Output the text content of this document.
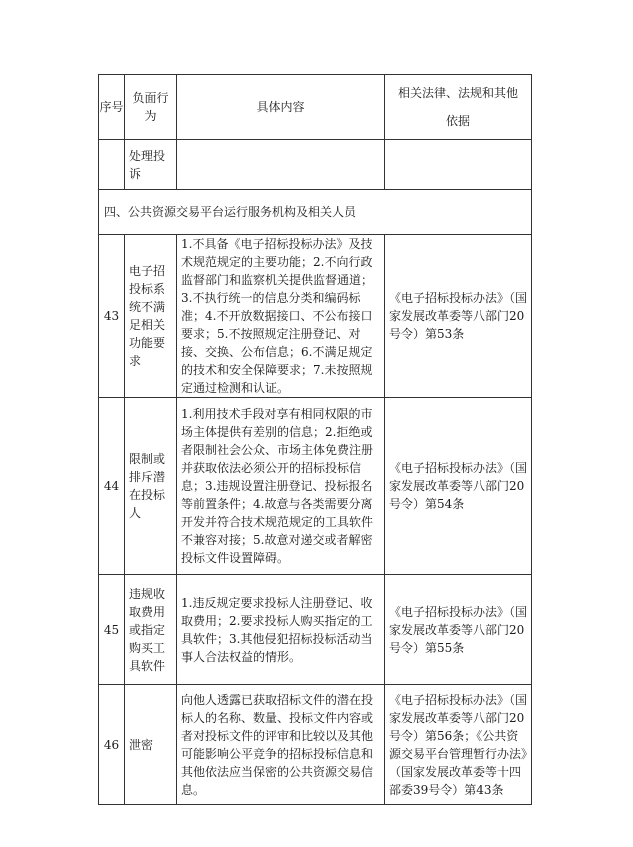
序号	负面行为	具体内容	相关法律、法规和其他依据
	处理投诉		
四、公共资源交易平台运行服务机构及相关人员			
43	电子招投标系统不满足相关功能要求	1.不具备《电子招标投标办法》及技术规范规定的主要功能；2.不向行政监督部门和监察机关提供监督通道；3.不执行统一的信息分类和编码标准；4.不开放数据接口、不公布接口要求；5.不按照规定注册登记、对接、交换、公布信息；6.不满足规定的技术和安全保障要求；7.未按照规定通过检测和认证。	《电子招标投标办法》（国家发展改革委等八部门20号令）第53条
44	限制或排斥潜在投标人	1.利用技术手段对享有相同权限的市场主体提供有差别的信息；2.拒绝或者限制社会公众、市场主体免费注册并获取依法必须公开的招标投标信息；3.违规设置注册登记、投标报名等前置条件；4.故意与各类需要分离开发并符合技术规范规定的工具软件不兼容对接；5.故意对递交或者解密投标文件设置障碍。	《电子招标投标办法》（国家发展改革委等八部门20号令）第54条
45	违规收取费用或指定购买工具软件	1.违反规定要求投标人注册登记、收取费用；2.要求投标人购买指定的工具软件；3.其他侵犯招标投标活动当事人合法权益的情形。	《电子招标投标办法》（国家发展改革委等八部门20号令）第55条
46	泄密	向他人透露已获取招标文件的潜在投标人的名称、数量、投标文件内容或者对投标文件的评审和比较以及其他可能影响公平竞争的招标投标信息和其他依法应当保密的公共资源交易信息。	《电子招标投标办法》（国家发展改革委等八部门20号令）第56条；《公共资源交易平台管理暂行办法》（国家发展改革委等十四部委39号令）第43条
